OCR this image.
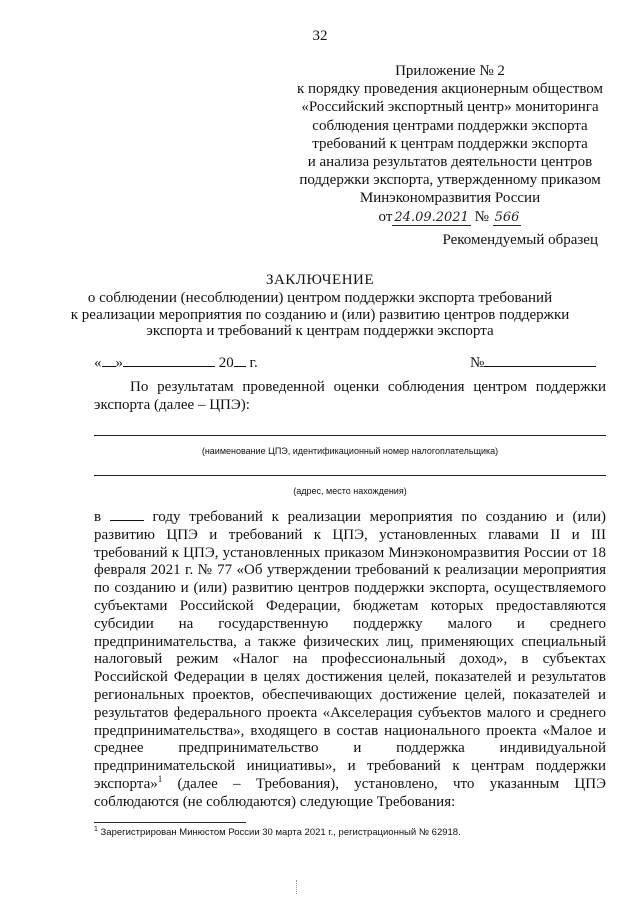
32
Приложение № 2
к порядку проведения акционерным обществом
«Российский экспортный центр» мониторинга
соблюдения центрами поддержки экспорта
требований к центрам поддержки экспорта
и анализа результатов деятельности центров
поддержки экспорта, утвержденному приказом
Минэкономразвития России
от 24.09.2021 № 566
Рекомендуемый образец
ЗАКЛЮЧЕНИЕ
о соблюдении (несоблюдении) центром поддержки экспорта требований
к реализации мероприятия по созданию и (или) развитию центров поддержки
экспорта и требований к центрам поддержки экспорта
« »	20 г.	№
По результатам проведенной оценки соблюдения центром поддержки экспорта (далее – ЦПЭ):
(наименование ЦПЭ, идентификационный номер налогоплательщика)
(адрес, место нахождения)
в	году требований к реализации мероприятия по созданию и (или) развитию ЦПЭ и требований к ЦПЭ, установленных главами II и III требований к ЦПЭ, установленных приказом Минэкономразвития России от 18 февраля 2021 г. № 77 «Об утверждении требований к реализации мероприятия по созданию и (или) развитию центров поддержки экспорта, осуществляемого субъектами Российской Федерации, бюджетам которых предоставляются субсидии на государственную поддержку малого и среднего предпринимательства, а также физических лиц, применяющих специальный налоговый режим «Налог на профессиональный доход», в субъектах Российской Федерации в целях достижения целей, показателей и результатов региональных проектов, обеспечивающих достижение целей, показателей и результатов федерального проекта «Акселерация субъектов малого и среднего предпринимательства», входящего в состав национального проекта «Малое и среднее предпринимательство и поддержка индивидуальной предпринимательской инициативы», и требований к центрам поддержки экспорта»$^1$ (далее – Требования), установлено, что указанным ЦПЭ соблюдаются (не соблюдаются) следующие Требования:
$^1$ Зарегистрирован Минюстом России 30 марта 2021 г., регистрационный № 62918.
